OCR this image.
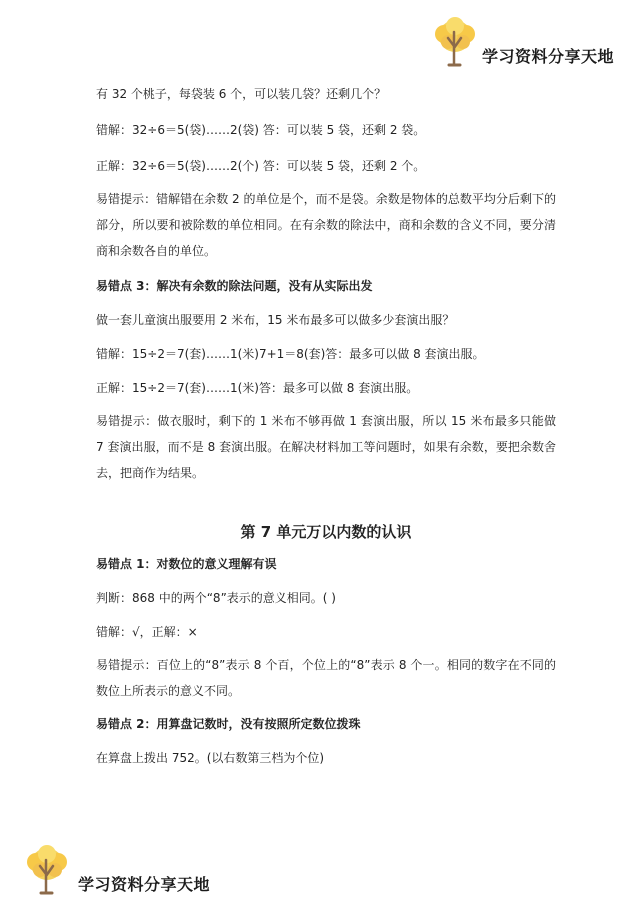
学习资料分享天地

有 32 个桃子，每袋装 6 个，可以装几袋？还剩几个？

错解：32÷6＝5(袋)……2(袋) 答：可以装 5 袋，还剩 2 袋。

正解：32÷6＝5(袋)……2(个) 答：可以装 5 袋，还剩 2 个。

易错提示：错解错在余数 2 的单位是个，而不是袋。余数是物体的总数平均分后剩下的部分，所以要和被除数的单位相同。在有余数的除法中，商和余数的含义不同，要分清商和余数各自的单位。

易错点 3：解决有余数的除法问题，没有从实际出发

做一套儿童演出服要用 2 米布，15 米布最多可以做多少套演出服？

错解：15÷2＝7(套)……1(米)7+1＝8(套)答：最多可以做 8 套演出服。

正解：15÷2＝7(套)……1(米)答：最多可以做 8 套演出服。

易错提示：做衣服时，剩下的 1 米布不够再做 1 套演出服，所以 15 米布最多只能做 7 套演出服，而不是 8 套演出服。在解决材料加工等问题时，如果有余数，要把余数舍去，把商作为结果。

第 7 单元万以内数的认识

易错点 1：对数位的意义理解有误

判断：868 中的两个“8”表示的意义相同。( )

错解：√，正解：×

易错提示：百位上的“8”表示 8 个百，个位上的“8”表示 8 个一。相同的数字在不同的数位上所表示的意义不同。

易错点 2：用算盘记数时，没有按照所定数位拨珠

在算盘上拨出 752。(以右数第三档为个位)

学习资料分享天地
